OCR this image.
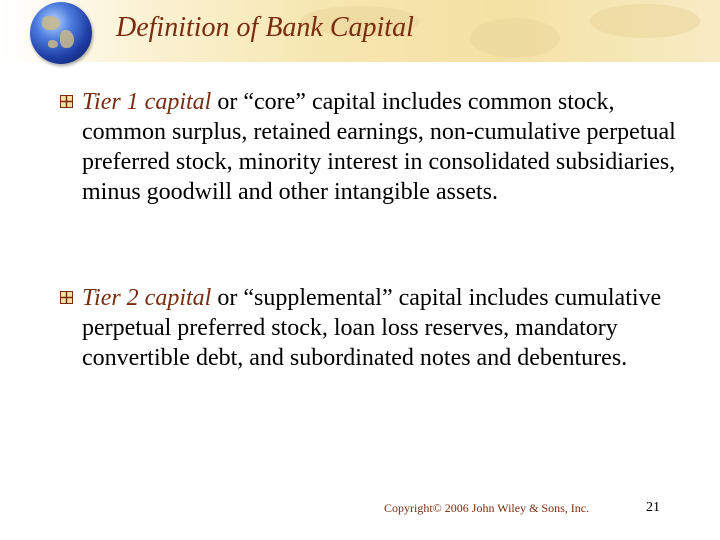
Definition of Bank Capital
Tier 1 capital or “core” capital includes common stock, common surplus, retained earnings, non-cumulative perpetual preferred stock, minority interest in consolidated subsidiaries, minus goodwill and other intangible assets.
Tier 2 capital or “supplemental” capital includes cumulative perpetual preferred stock, loan loss reserves, mandatory convertible debt, and subordinated notes and debentures.
Copyright© 2006 John Wiley & Sons, Inc.	21
